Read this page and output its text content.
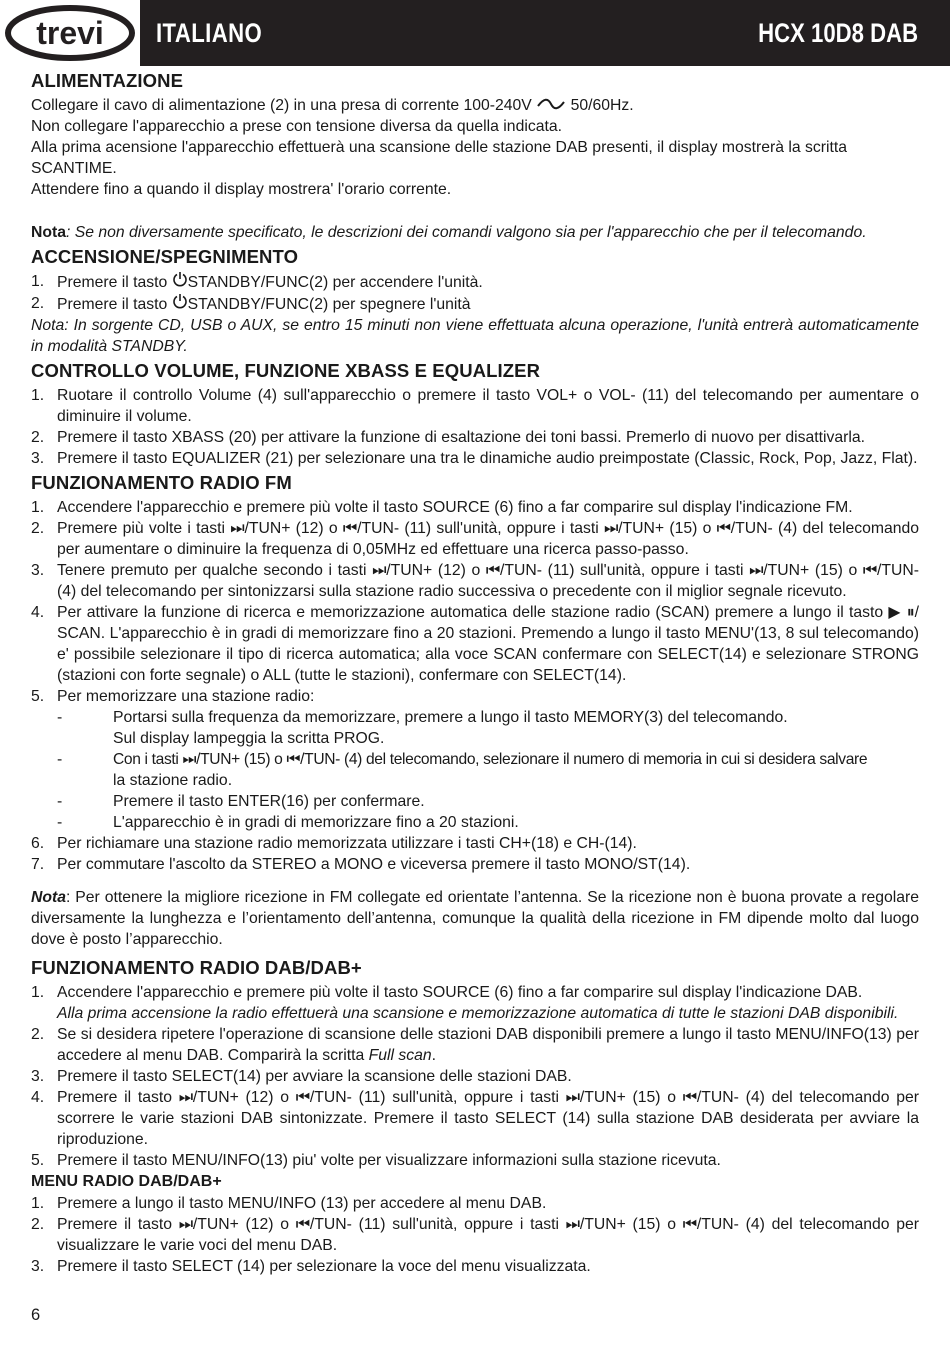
trevi ITALIANO	HCX 10D8 DAB
ALIMENTAZIONE

Collegare il cavo di alimentazione (2) in una presa di corrente 100-240V 50/60Hz.

Non collegare l'apparecchio a prese con tensione diversa da quella indicata.

Alla prima acensione l'apparecchio effettuerà una scansione delle stazione DAB presenti, il display mostrerà la scritta SCANTIME.

Attendere fino a quando il display mostrera' l'orario corrente.

Nota: Se non diversamente specificato, le descrizioni dei comandi valgono sia per l'apparecchio che per il telecomando.

ACCENSIONE/SPEGNIMENTO
1. Premere il tasto STANDBY/FUNC(2) per accendere l'unità.
2. Premere il tasto STANDBY/FUNC(2) per spegnere l'unità

Nota: In sorgente CD, USB o AUX, se entro 15 minuti non viene effettuata alcuna operazione, l'unità entrerà automaticamente in modalità STANDBY.

CONTROLLO VOLUME, FUNZIONE XBASS E EQUALIZER
1. Ruotare il controllo Volume (4) sull'apparecchio o premere il tasto VOL+ o VOL- (11) del telecomando per aumentare o diminuire il volume.
2. Premere il tasto XBASS (20) per attivare la funzione di esaltazione dei toni bassi. Premerlo di nuovo per disattivarla.
3. Premere il tasto EQUALIZER (21) per selezionare una tra le dinamiche audio preimpostate (Classic, Rock, Pop, Jazz, Flat).
FUNZIONAMENTO RADIO FM
1. Accendere l'apparecchio e premere più volte il tasto SOURCE (6) fino a far comparire sul display l'indicazione FM.
2. Premere più volte i tasti ⏭/TUN+ (12) o ⏮/TUN- (11) sull'unità, oppure i tasti ⏭/TUN+ (15) o ⏮/TUN- (4) del telecomando per aumentare o diminuire la frequenza di 0,05MHz ed effettuare una ricerca passo-passo.
3. Tenere premuto per qualche secondo i tasti ⏭/TUN+ (12) o ⏮/TUN- (11) sull'unità, oppure i tasti ⏭/TUN+ (15) o ⏮/TUN- (4) del telecomando per sintonizzarsi sulla stazione radio successiva o precedente con il miglior segnale ricevuto.
4. Per attivare la funzione di ricerca e memorizzazione automatica delle stazione radio (SCAN) premere a lungo il tasto ▶ ⏸/ SCAN. L'apparecchio è in gradi di memorizzare fino a 20 stazioni. Premendo a lungo il tasto MENU'(13, 8 sul telecomando) e' possibile selezionare il tipo di ricerca automatica; alla voce SCAN confermare con SELECT(14) e selezionare STRONG (stazioni con forte segnale) o ALL (tutte le stazioni), confermare con SELECT(14).
5. Per memorizzare una stazione radio:
-	Portarsi sulla frequenza da memorizzare, premere a lungo il tasto MEMORY(3) del telecomando.
Sul display lampeggia la scritta PROG.
-	Con i tasti ⏭/TUN+ (15) o ⏮/TUN- (4) del telecomando, selezionare il numero di memoria in cui si desidera salvare
la stazione radio.
-	Premere il tasto ENTER(16) per confermare.
-	L'apparecchio è in gradi di memorizzare fino a 20 stazioni.
6. Per richiamare una stazione radio memorizzata utilizzare i tasti CH+(18) e CH-(14).
7. Per commutare l'ascolto da STEREO a MONO e viceversa premere il tasto MONO/ST(14).

Nota: Per ottenere la migliore ricezione in FM collegate ed orientate l’antenna. Se la ricezione non è buona provate a regolare diversamente la lunghezza e l’orientamento dell’antenna, comunque la qualità della ricezione in FM dipende molto dal luogo dove è posto l’apparecchio.

FUNZIONAMENTO RADIO DAB/DAB+
1. Accendere l'apparecchio e premere più volte il tasto SOURCE (6) fino a far comparire sul display l'indicazione DAB.
Alla prima accensione la radio effettuerà una scansione e memorizzazione automatica di tutte le stazioni DAB disponibili.
2. Se si desidera ripetere l'operazione di scansione delle stazioni DAB disponibili premere a lungo il tasto MENU/INFO(13) per accedere al menu DAB. Comparirà la scritta Full scan.
3. Premere il tasto SELECT(14) per avviare la scansione delle stazioni DAB.
4. Premere il tasto ⏭/TUN+ (12) o ⏮/TUN- (11) sull'unità, oppure i tasti ⏭/TUN+ (15) o ⏮/TUN- (4) del telecomando per scorrere le varie stazioni DAB sintonizzate. Premere il tasto SELECT (14) sulla stazione DAB desiderata per avviare la riproduzione.
5. Premere il tasto MENU/INFO(13) piu' volte per visualizzare informazioni sulla stazione ricevuta.
MENU RADIO DAB/DAB+
1. Premere a lungo il tasto MENU/INFO (13) per accedere al menu DAB.
2. Premere il tasto ⏭/TUN+ (12) o ⏮/TUN- (11) sull'unità, oppure i tasti ⏭/TUN+ (15) o ⏮/TUN- (4) del telecomando per visualizzare le varie voci del menu DAB.
3. Premere il tasto SELECT (14) per selezionare la voce del menu visualizzata.
6
